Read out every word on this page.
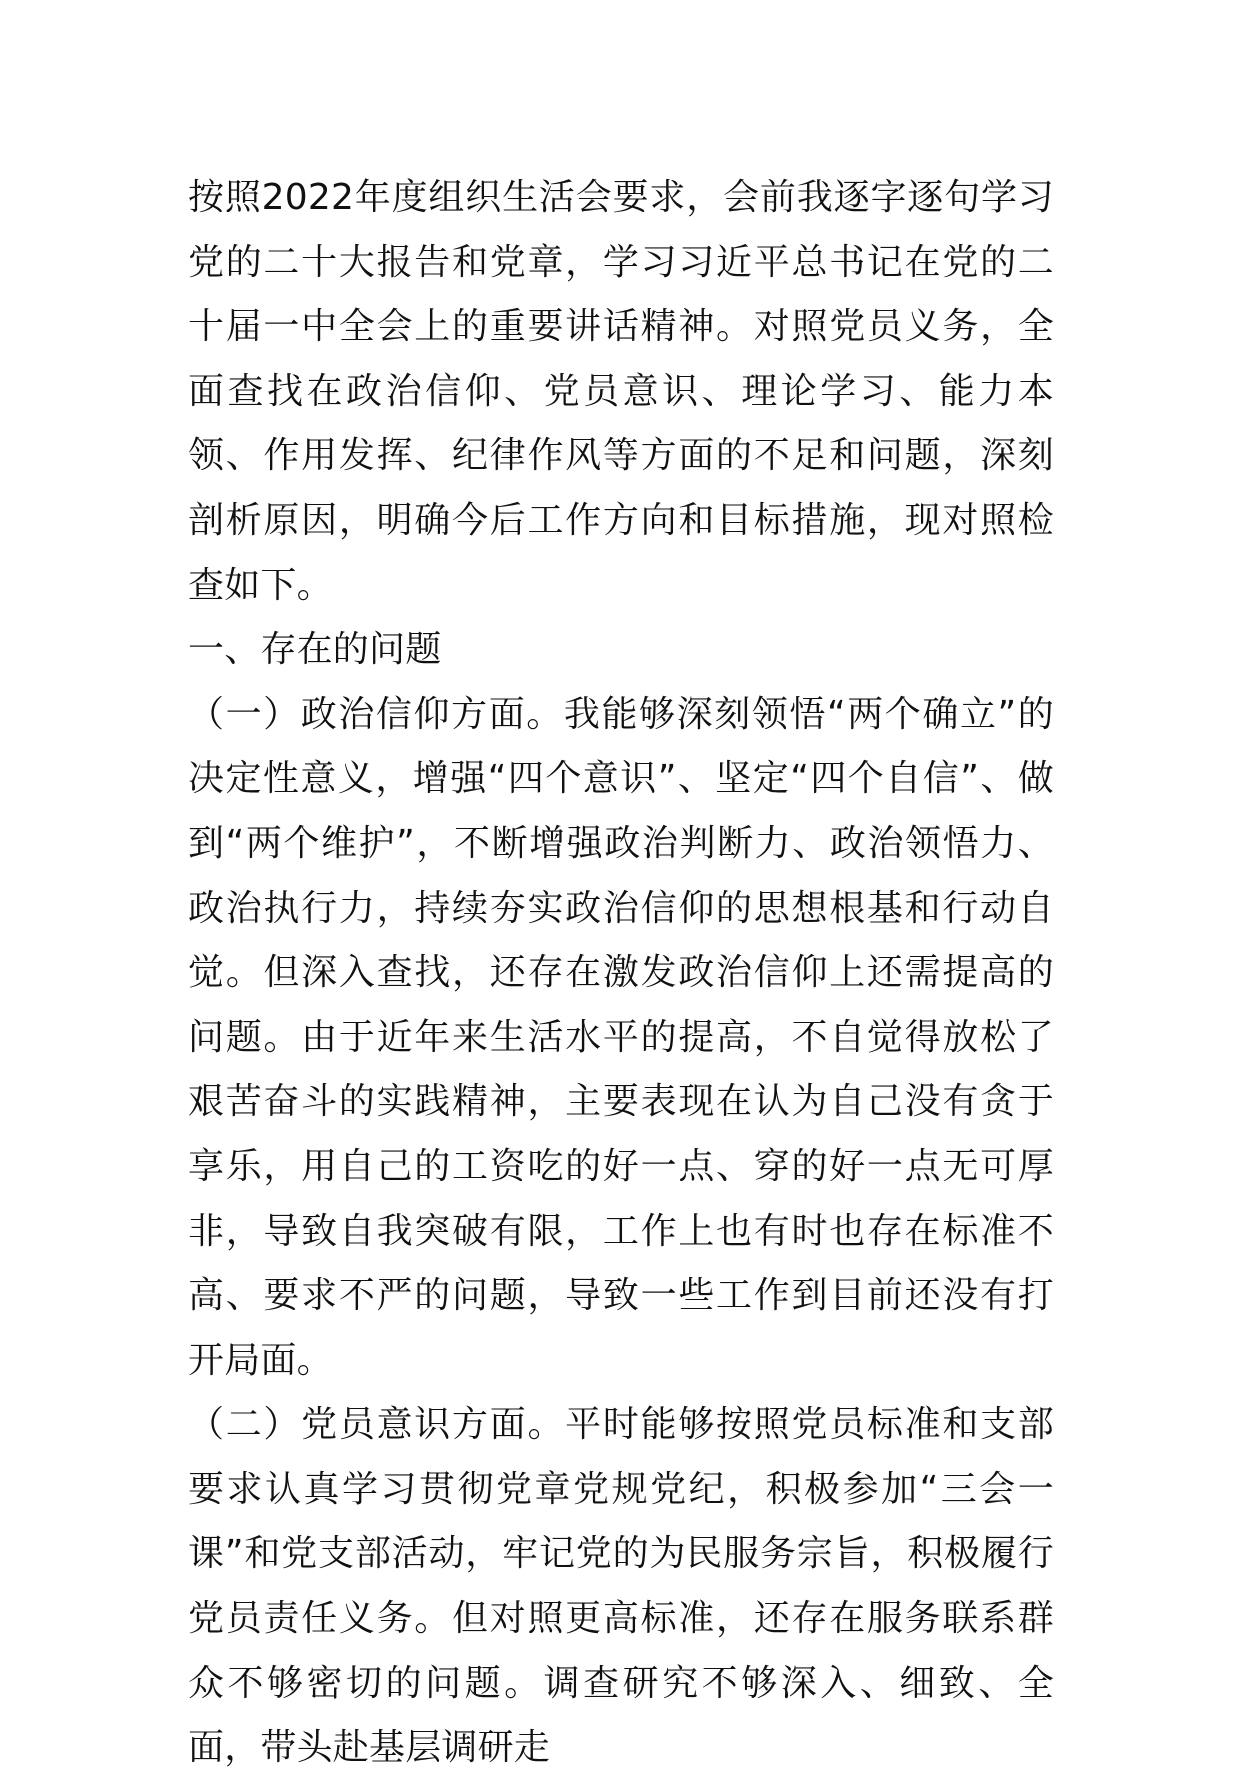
按照2022年度组织生活会要求，会前我逐字逐句学习党的二十大报告和党章，学习习近平总书记在党的二十届一中全会上的重要讲话精神。对照党员义务，全面查找在政治信仰、党员意识、理论学习、能力本领、作用发挥、纪律作风等方面的不足和问题，深刻剖析原因，明确今后工作方向和目标措施，现对照检查如下。

一、存在的问题

（一）政治信仰方面。我能够深刻领悟“两个确立”的决定性意义，增强“四个意识”、坚定“四个自信”、做到“两个维护”，不断增强政治判断力、政治领悟力、政治执行力，持续夯实政治信仰的思想根基和行动自觉。但深入查找，还存在激发政治信仰上还需提高的问题。由于近年来生活水平的提高，不自觉得放松了艰苦奋斗的实践精神，主要表现在认为自己没有贪于享乐，用自己的工资吃的好一点、穿的好一点无可厚非，导致自我突破有限，工作上也有时也存在标准不高、要求不严的问题，导致一些工作到目前还没有打开局面。

（二）党员意识方面。平时能够按照党员标准和支部要求认真学习贯彻党章党规党纪，积极参加“三会一课”和党支部活动，牢记党的为民服务宗旨，积极履行党员责任义务。但对照更高标准，还存在服务联系群众不够密切的问题。调查研究不够深入、细致、全面，带头赴基层调研走
